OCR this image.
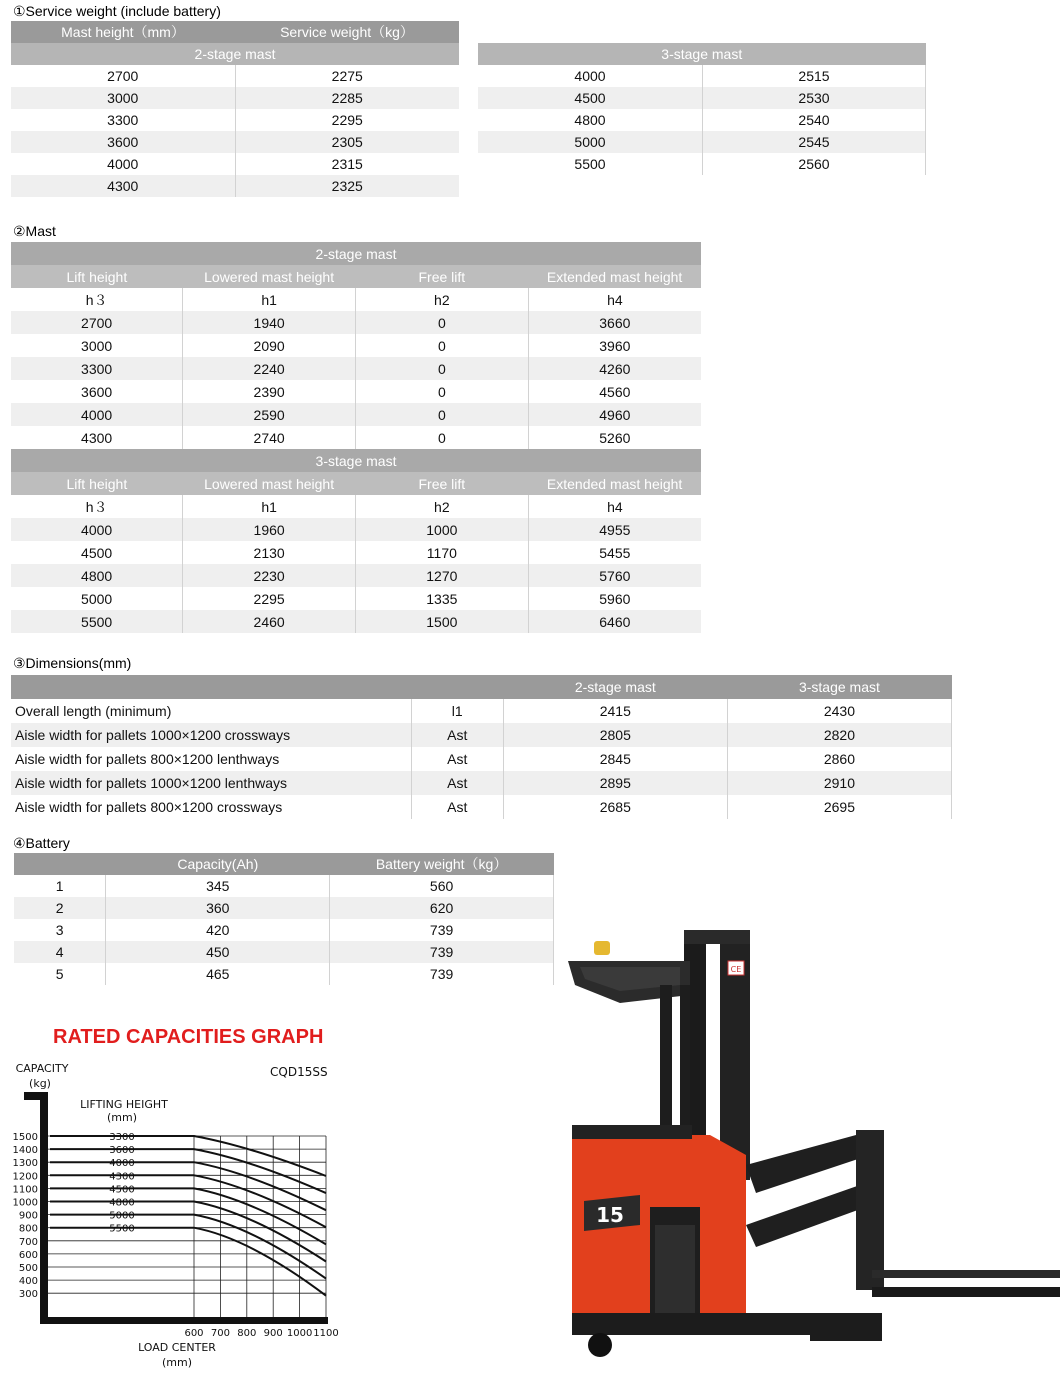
①Service weight (include battery)
Mast height（mm）	Service weight（kg）
2-stage mast	
2700	2275
3000	2285
3300	2295
3600	2305
4000	2315
4300	2325
3-stage mast	
4000	2515
4500	2530
4800	2540
5000	2545
5500	2560
②Mast
2-stage mast			
Lift height	Lowered mast height	Free lift	Extended mast height
h３	h1	h2	h4
2700	1940	0	3660
3000	2090	0	3960
3300	2240	0	4260
3600	2390	0	4560
4000	2590	0	4960
4300	2740	0	5260
3-stage mast			
Lift height	Lowered mast height	Free lift	Extended mast height
h３	h1	h2	h4
4000	1960	1000	4955
4500	2130	1170	5455
4800	2230	1270	5760
5000	2295	1335	5960
5500	2460	1500	6460
③Dimensions(mm)
		2-stage mast	3-stage mast
Overall length (minimum)	l1	2415	2430
Aisle width for pallets 1000×1200 crossways	Ast	2805	2820
Aisle width for pallets 800×1200 lenthways	Ast	2845	2860
Aisle width for pallets 1000×1200 lenthways	Ast	2895	2910
Aisle width for pallets 800×1200 crossways	Ast	2685	2695
④Battery
	Capacity(Ah)	Battery weight（kg）
1	345	560
2	360	620
3	420	739
4	450	739
5	465	739
RATED CAPACITIES GRAPH
CAPACITY
(kg)
CQD15SS
LIFTING HEIGHT
(mm)
LOAD CENTER
(mm)
1500
1400
1300
1200
1100
1000
900
800
700
600
500
400
300
600 700 800 900 1000 1100
3300
3600
4000
4300
4500
4800
5000
5500
CE
15
